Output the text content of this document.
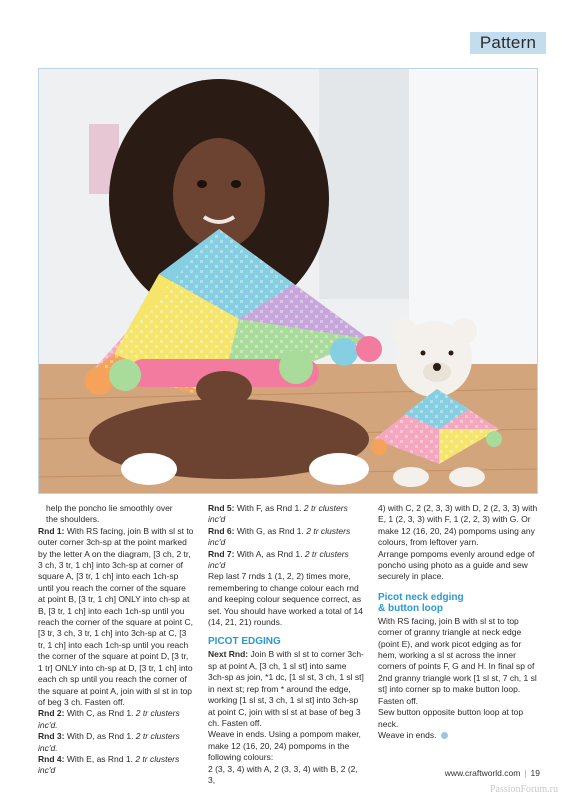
Pattern

help the poncho lie smoothly over
the shoulders.

Rnd 1: With RS facing, join B with sl st to outer corner 3ch-sp at the point marked by the letter A on the diagram, [3 ch, 2 tr, 3 ch, 3 tr, 1 ch] into 3ch-sp at corner of square A, [3 tr, 1 ch] into each 1ch-sp until you reach the corner of the square at point B, [3 tr, 1 ch] ONLY into ch-sp at B, [3 tr, 1 ch] into each 1ch-sp until you reach the corner of the square at point C, [3 tr, 3 ch, 3 tr, 1 ch] into 3ch-sp at C, [3 tr, 1 ch] into each 1ch-sp until you reach the corner of the square at point D, [3 tr, 1 tr] ONLY into ch-sp at D, [3 tr, 1 ch] into each ch sp until you reach the corner of the square at point A, join with sl st in top of beg 3 ch. Fasten off.

Rnd 2: With C, as Rnd 1. 2 tr clusters inc'd.

Rnd 3: With D, as Rnd 1. 2 tr clusters inc'd.

Rnd 4: With E, as Rnd 1. 2 tr clusters inc'd

Rnd 5: With F, as Rnd 1. 2 tr clusters inc'd

Rnd 6: With G, as Rnd 1. 2 tr clusters inc'd

Rnd 7: With A, as Rnd 1. 2 tr clusters inc'd

Rep last 7 rnds 1 (1, 2, 2) times more, remembering to change colour each rnd and keeping colour sequence correct, as set. You should have worked a total of 14 (14, 21, 21) rounds.

PICOT EDGING

Next Rnd: Join B with sl st to corner 3ch-sp at point A, [3 ch, 1 sl st] into same 3ch-sp as join, *1 dc, [1 sl st, 3 ch, 1 sl st] in next st; rep from * around the edge, working [1 sl st, 3 ch, 1 sl st] into 3ch-sp at point C, join with sl st at base of beg 3 ch. Fasten off.

Weave in ends. Using a pompom maker, make 12 (16, 20, 24) pompoms in the following colours:

2 (3, 3, 4) with A, 2 (3, 3, 4) with B, 2 (2, 3,

4) with C, 2 (2, 3, 3) with D, 2 (2, 3, 3) with E, 1 (2, 3, 3) with F, 1 (2, 2, 3) with G. Or make 12 (16, 20, 24) pompoms using any colours, from leftover yarn.

Arrange pompoms evenly around edge of poncho using photo as a guide and sew securely in place.

Picot neck edging
& button loop

With RS facing, join B with sl st to top corner of granny triangle at neck edge (point E), and work picot edging as for hem, working a sl st across the inner corners of points F, G and H. In final sp of 2nd granny triangle work [1 sl st, 7 ch, 1 sl st] into corner sp to make button loop. Fasten off.

Sew button opposite button loop at top neck.

Weave in ends.

www.craftworld.com | 19
PassionForum.ru
